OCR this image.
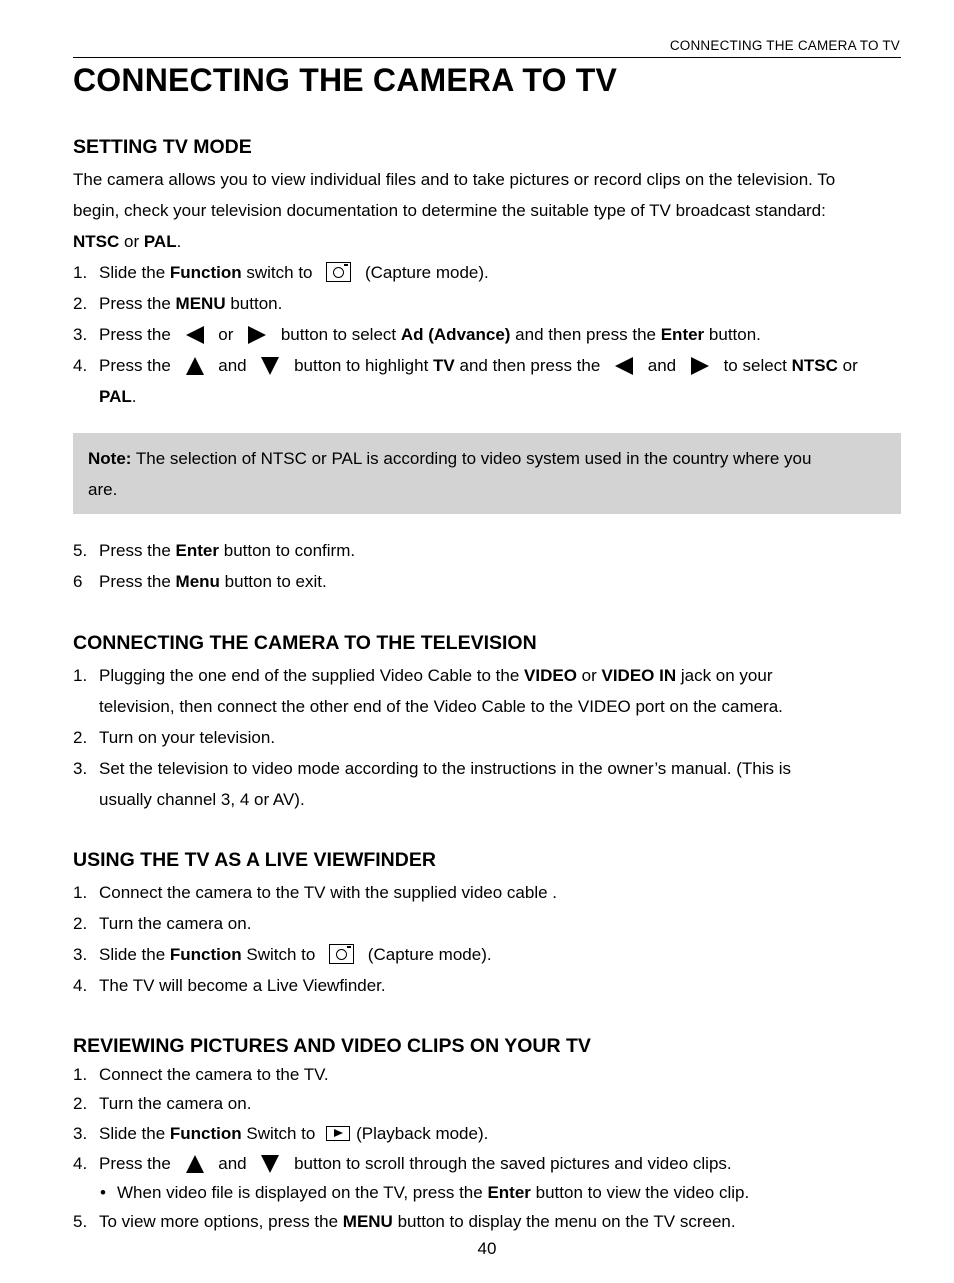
CONNECTING THE CAMERA TO TV
CONNECTING THE CAMERA TO TV
SETTING TV MODE

The camera allows you to view individual files and to take pictures or record clips on the television. To
begin, check your television documentation to determine the suitable type of TV broadcast standard:
NTSC or PAL.

1. Slide the Function switch to	(Capture mode).
2. Press the MENU button.
3. Press the  or  button to select Ad (Advance) and then press the Enter button.
4. Press the  and  button to highlight TV and then press the  and  to select NTSC or
PAL.
Note: The selection of NTSC or PAL is according to video system used in the country where you
are.
5. Press the Enter button to confirm.
6 Press the Menu button to exit.
CONNECTING THE CAMERA TO THE TELEVISION
1. Plugging the one end of the supplied Video Cable to the VIDEO or VIDEO IN jack on your
television, then connect the other end of the Video Cable to the VIDEO port on the camera.
2. Turn on your television.
3. Set the television to video mode according to the instructions in the owner’s manual. (This is
usually channel 3, 4 or AV).
USING THE TV AS A LIVE VIEWFINDER
1. Connect the camera to the TV with the supplied video cable .
2. Turn the camera on.
3. Slide the Function Switch to	(Capture mode).
4. The TV will become a Live Viewfinder.
REVIEWING PICTURES AND VIDEO CLIPS ON YOUR TV
1. Connect the camera to the TV.
2. Turn the camera on.
3. Slide the Function Switch to (Playback mode).
4. Press the  and  button to scroll through the saved pictures and video clips.
• When video file is displayed on the TV, press the Enter button to view the video clip.
5. To view more options, press the MENU button to display the menu on the TV screen.
40
